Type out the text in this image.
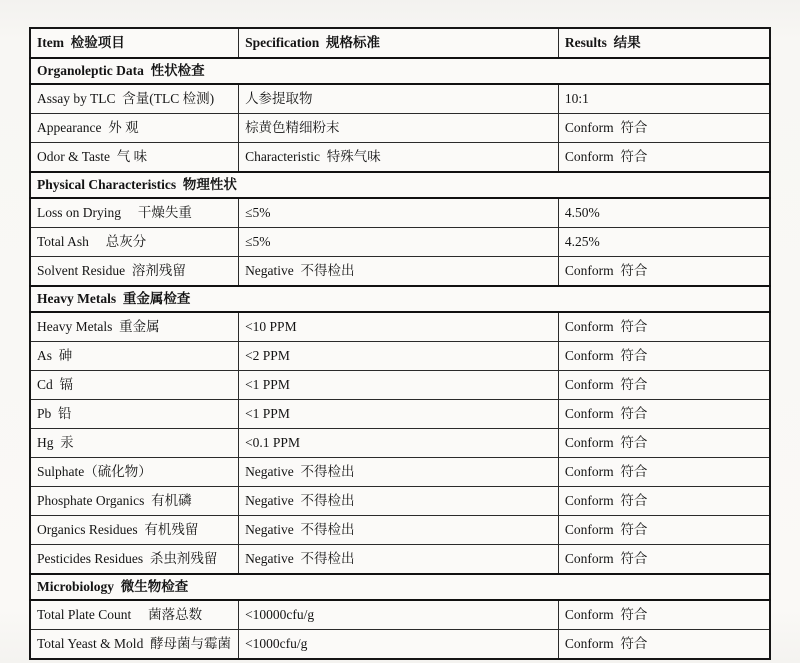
Item  检验项目	Specification  规格标准	Results  结果
Organoleptic Data  性状检查		
Assay by TLC  含量(TLC 检测)	人参提取物	10:1
Appearance  外 观	棕黄色精细粉末	Conform  符合
Odor & Taste  气 味	Characteristic  特殊气味	Conform  符合
Physical Characteristics  物理性状		
Loss on Drying     干燥失重	≤5%	4.50%
Total Ash     总灰分	≤5%	4.25%
Solvent Residue  溶剂残留	Negative  不得检出	Conform  符合
Heavy Metals  重金属检查		
Heavy Metals  重金属	<10 PPM	Conform  符合
As  砷	<2 PPM	Conform  符合
Cd  镉	<1 PPM	Conform  符合
Pb  铅	<1 PPM	Conform  符合
Hg  汞	<0.1 PPM	Conform  符合
Sulphate（硫化物）	Negative  不得检出	Conform  符合
Phosphate Organics  有机磷	Negative  不得检出	Conform  符合
Organics Residues  有机残留	Negative  不得检出	Conform  符合
Pesticides Residues  杀虫剂残留	Negative  不得检出	Conform  符合
Microbiology  微生物检查		
Total Plate Count     菌落总数	<10000cfu/g	Conform  符合
Total Yeast & Mold  酵母菌与霉菌	<1000cfu/g	Conform  符合
